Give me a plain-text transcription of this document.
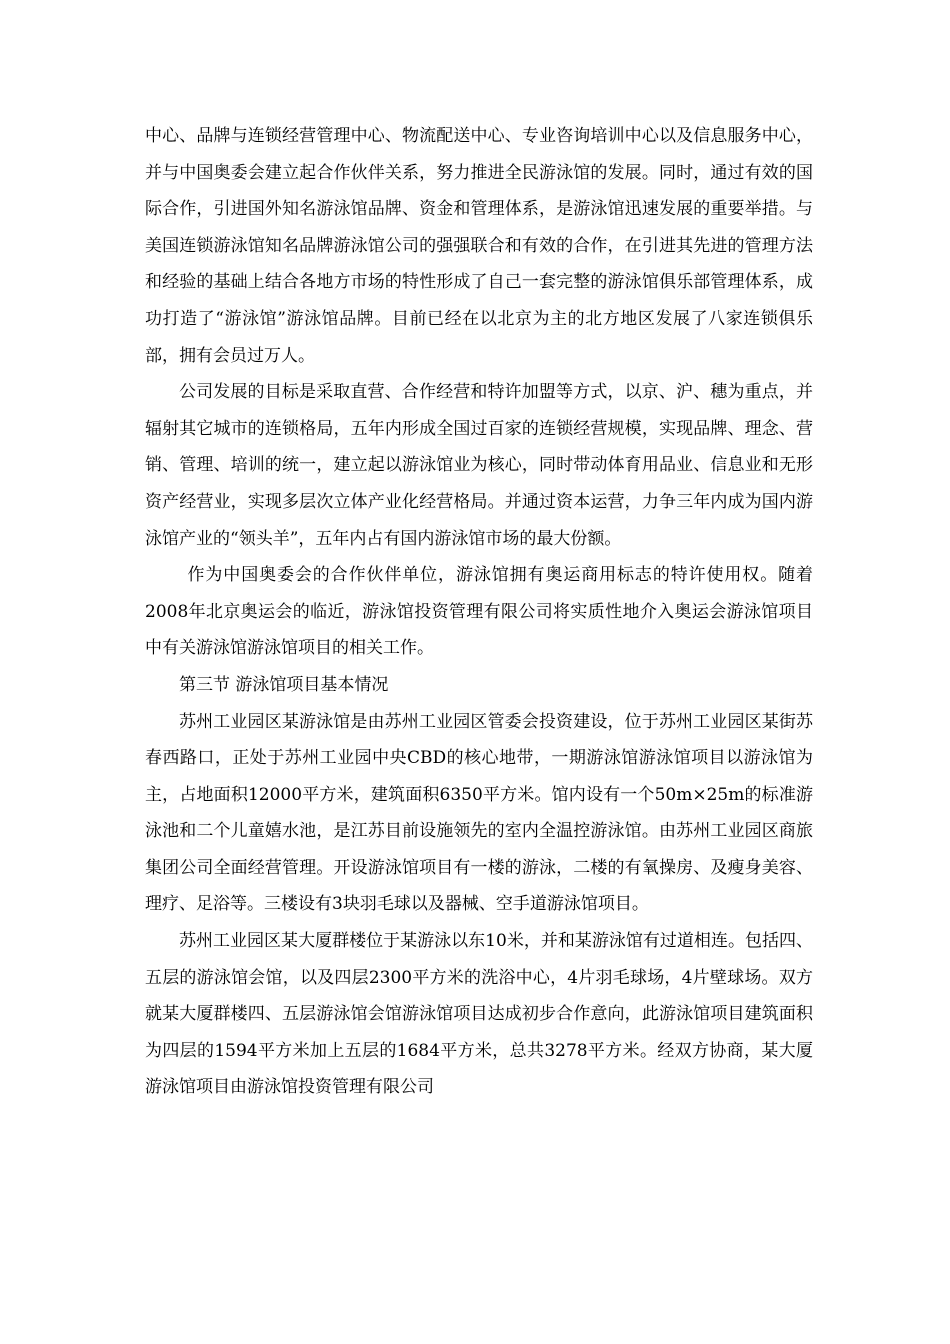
中心、品牌与连锁经营管理中心、物流配送中心、专业咨询培训中心以及信息服务中心，并与中国奥委会建立起合作伙伴关系，努力推进全民游泳馆的发展。同时，通过有效的国际合作，引进国外知名游泳馆品牌、资金和管理体系，是游泳馆迅速发展的重要举措。与美国连锁游泳馆知名品牌游泳馆公司的强强联合和有效的合作，在引进其先进的管理方法和经验的基础上结合各地方市场的特性形成了自己一套完整的游泳馆俱乐部管理体系，成功打造了“游泳馆”游泳馆品牌。目前已经在以北京为主的北方地区发展了八家连锁俱乐部，拥有会员过万人。

公司发展的目标是采取直营、合作经营和特许加盟等方式，以京、沪、穗为重点，并辐射其它城市的连锁格局，五年内形成全国过百家的连锁经营规模，实现品牌、理念、营销、管理、培训的统一，建立起以游泳馆业为核心，同时带动体育用品业、信息业和无形资产经营业，实现多层次立体产业化经营格局。并通过资本运营，力争三年内成为国内游泳馆产业的“领头羊”，五年内占有国内游泳馆市场的最大份额。

作为中国奥委会的合作伙伴单位，游泳馆拥有奥运商用标志的特许使用权。随着2008年北京奥运会的临近，游泳馆投资管理有限公司将实质性地介入奥运会游泳馆项目中有关游泳馆游泳馆项目的相关工作。

第三节 游泳馆项目基本情况

苏州工业园区某游泳馆是由苏州工业园区管委会投资建设，位于苏州工业园区某街苏春西路口，正处于苏州工业园中央CBD的核心地带，一期游泳馆游泳馆项目以游泳馆为主，占地面积12000平方米，建筑面积6350平方米。馆内设有一个50m×25m的标准游泳池和二个儿童嬉水池，是江苏目前设施领先的室内全温控游泳馆。由苏州工业园区商旅集团公司全面经营管理。开设游泳馆项目有一楼的游泳，二楼的有氧操房、及瘦身美容、理疗、足浴等。三楼设有3块羽毛球以及器械、空手道游泳馆项目。

苏州工业园区某大厦群楼位于某游泳以东10米，并和某游泳馆有过道相连。包括四、五层的游泳馆会馆，以及四层2300平方米的洗浴中心，4片羽毛球场，4片壁球场。双方就某大厦群楼四、五层游泳馆会馆游泳馆项目达成初步合作意向，此游泳馆项目建筑面积为四层的1594平方米加上五层的1684平方米，总共3278平方米。经双方协商，某大厦游泳馆项目由游泳馆投资管理有限公司
